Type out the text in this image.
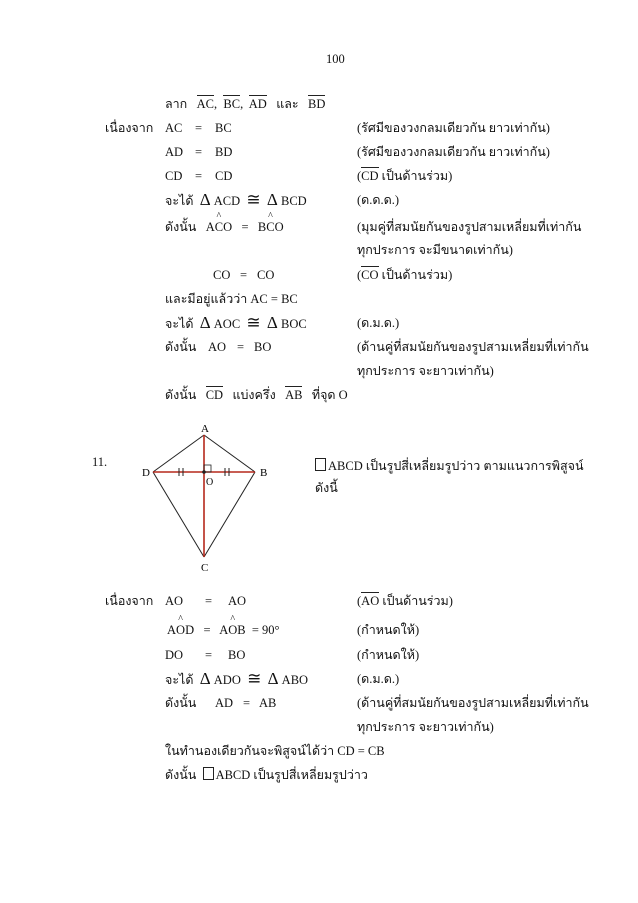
100
ลาก AC, BC, AD และ BD
เนื่องจาก AC = BC	(รัศมีของวงกลมเดียวกัน ยาวเท่ากัน)
AD = BD	(รัศมีของวงกลมเดียวกัน ยาวเท่ากัน)
CD = CD	(CD เป็นด้านร่วม)
จะได้ Δ ACD ≅ Δ BCD	(ด.ด.ด.)
ดังนั้น A^ CO = B^ CO	(มุมคู่ที่สมนัยกันของรูปสามเหลี่ยมที่เท่ากัน
ทุกประการ จะมีขนาดเท่ากัน)
CO = CO	(CO เป็นด้านร่วม)
และมีอยู่แล้วว่า AC = BC
จะได้ Δ AOC ≅ Δ BOC	(ด.ม.ด.)
ดังนั้น AO = BO	(ด้านคู่ที่สมนัยกันของรูปสามเหลี่ยมที่เท่ากัน
ทุกประการ จะยาวเท่ากัน)
ดังนั้น CD แบ่งครึ่ง AB ที่จุด O
11.	ABCD เป็นรูปสี่เหลี่ยมรูปว่าว ตามแนวการพิสูจน์
ดังนี้
A
B
C
D
O
เนื่องจาก AO = AO	(AO เป็นด้านร่วม)
A^ OD = A^ OB = 90°	(กำหนดให้)
DO = BO	(กำหนดให้)
จะได้ Δ ADO ≅ Δ ABO	(ด.ม.ด.)
ดังนั้น AD = AB	(ด้านคู่ที่สมนัยกันของรูปสามเหลี่ยมที่เท่ากัน
ทุกประการ จะยาวเท่ากัน)
ในทำนองเดียวกันจะพิสูจน์ได้ว่า CD = CB
ดังนั้น ABCD เป็นรูปสี่เหลี่ยมรูปว่าว
